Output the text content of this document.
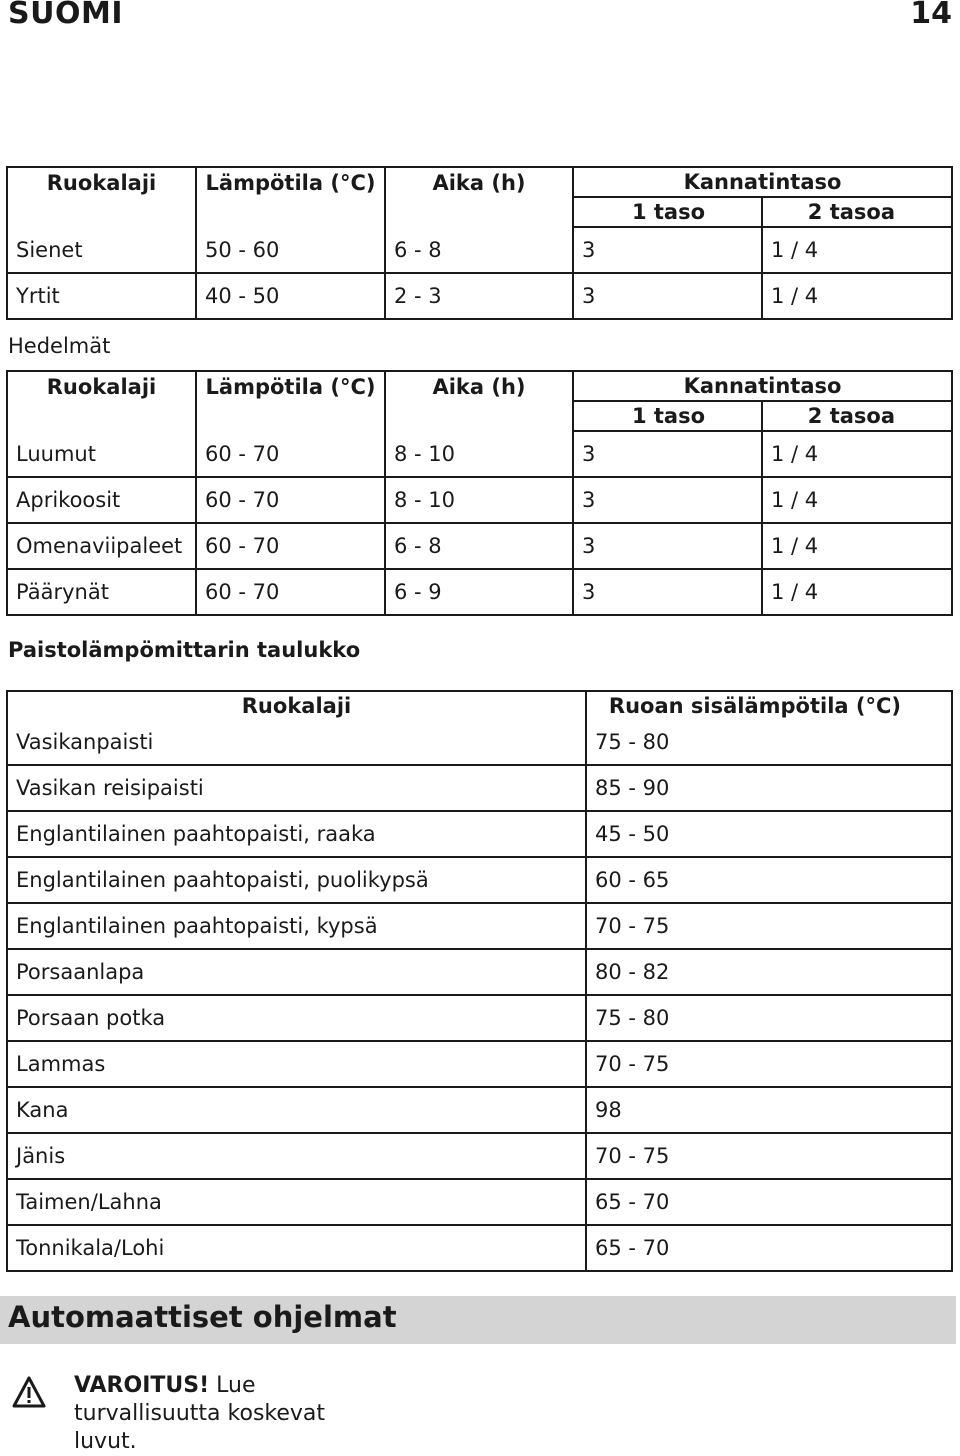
SUOMI	14
Ruokalaji	Lämpötila (°C)	Aika (h)	Kannatintaso	
			1 taso	2 tasoa
Sienet	50 - 60	6 - 8	3	1 / 4
Yrtit	40 - 50	2 - 3	3	1 / 4
Hedelmät
Ruokalaji	Lämpötila (°C)	Aika (h)	Kannatintaso	
			1 taso	2 tasoa
Luumut	60 - 70	8 - 10	3	1 / 4
Aprikoosit	60 - 70	8 - 10	3	1 / 4
Omenaviipaleet	60 - 70	6 - 8	3	1 / 4
Päärynät	60 - 70	6 - 9	3	1 / 4
Paistolämpömittarin taulukko
Ruokalaji	Ruoan sisälämpötila (°C)
Vasikanpaisti	75 - 80
Vasikan reisipaisti	85 - 90
Englantilainen paahtopaisti, raaka	45 - 50
Englantilainen paahtopaisti, puolikypsä	60 - 65
Englantilainen paahtopaisti, kypsä	70 - 75
Porsaanlapa	80 - 82
Porsaan potka	75 - 80
Lammas	70 - 75
Kana	98
Jänis	70 - 75
Taimen/Lahna	65 - 70
Tonnikala/Lohi	65 - 70
Automaattiset ohjelmat
VAROITUS! Lue turvallisuutta koskevat luvut.
